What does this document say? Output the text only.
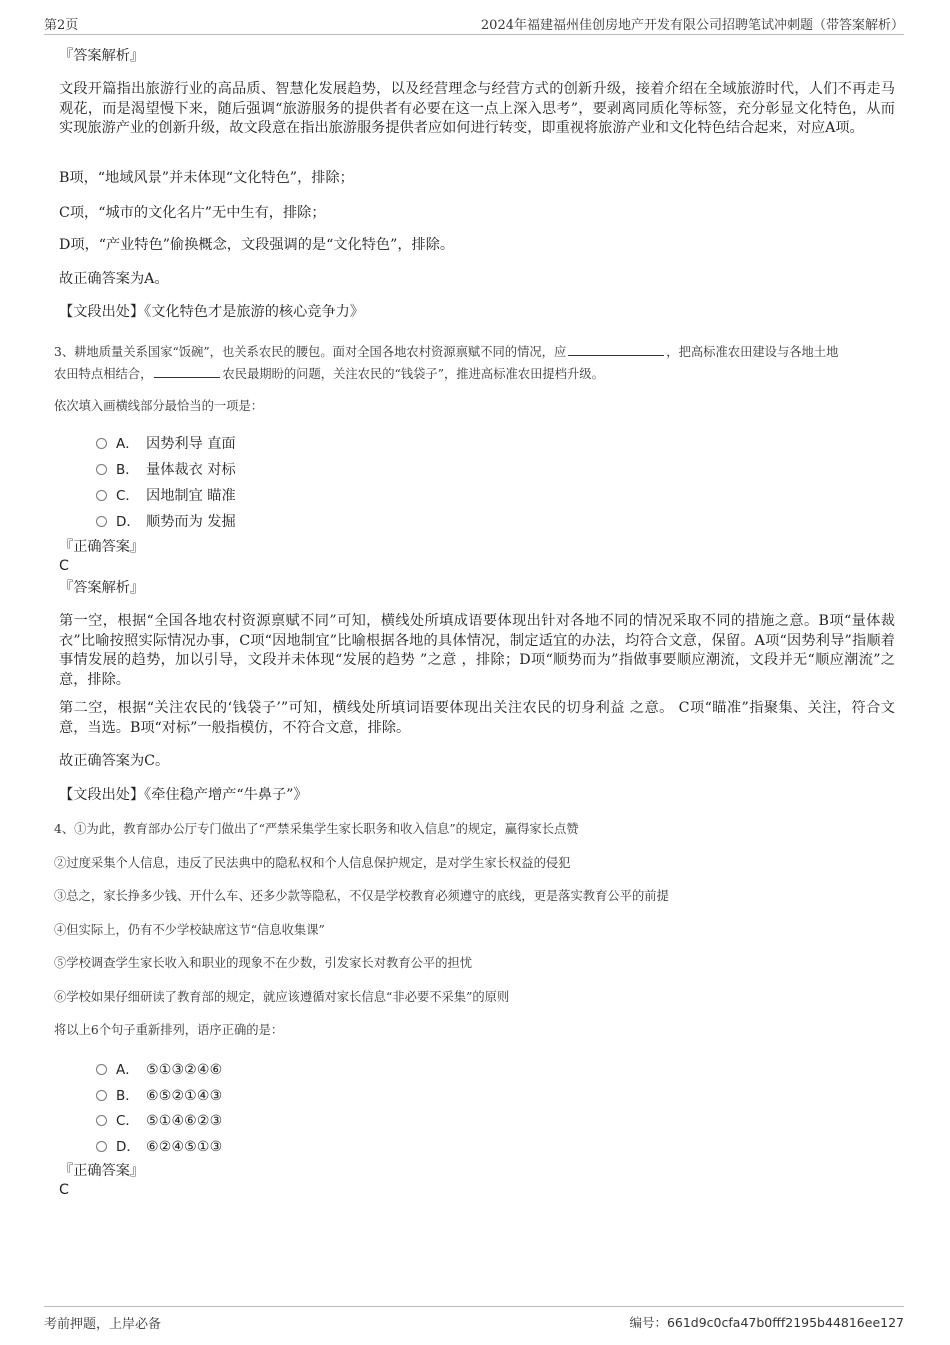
第2页	2024年福建福州佳创房地产开发有限公司招聘笔试冲刺题（带答案解析）
『答案解析』
文段开篇指出旅游行业的高品质、智慧化发展趋势，以及经营理念与经营方式的创新升级，接着介绍在全域旅游时代，人们不再走马观花，而是渴望慢下来，随后强调“旅游服务的提供者有必要在这一点上深入思考”，要剥离同质化等标签，充分彰显文化特色，从而实现旅游产业的创新升级，故文段意在指出旅游服务提供者应如何进行转变，即重视将旅游产业和文化特色结合起来，对应A项。
B项，“地域风景”并未体现“文化特色”，排除；
C项，“城市的文化名片”无中生有，排除；
D项，“产业特色”偷换概念，文段强调的是“文化特色”，排除。
故正确答案为A。
【文段出处】《文化特色才是旅游的核心竞争力》
3、耕地质量关系国家“饭碗”，也关系农民的腰包。面对全国各地农村资源禀赋不同的情况，应	，把高标准农田建设与各地土地
农田特点相结合，	农民最期盼的问题，关注农民的“钱袋子”，推进高标准农田提档升级。
依次填入画横线部分最恰当的一项是：
A． 因势利导 直面
B． 量体裁衣 对标
C． 因地制宜 瞄准
D． 顺势而为 发掘
『正确答案』
C
『答案解析』
第一空，根据“全国各地农村资源禀赋不同”可知，横线处所填成语要体现出针对各地不同的情况采取不同的措施之意。B项“量体裁衣”比喻按照实际情况办事，C项“因地制宜”比喻根据各地的具体情况，制定适宜的办法，均符合文意，保留。A项“因势利导”指顺着事情发展的趋势，加以引导，文段并未体现“发展的趋势 ”之意 ，排除；D项“顺势而为”指做事要顺应潮流，文段并无“顺应潮流”之意，排除。
第二空，根据“关注农民的‘钱袋子’”可知，横线处所填词语要体现出关注农民的切身利益 之意。 C项“瞄准”指聚集、关注，符合文意，当选。B项“对标”一般指模仿，不符合文意，排除。
故正确答案为C。
【文段出处】《牵住稳产增产“牛鼻子”》
4、①为此，教育部办公厅专门做出了“严禁采集学生家长职务和收入信息”的规定，赢得家长点赞
②过度采集个人信息，违反了民法典中的隐私权和个人信息保护规定，是对学生家长权益的侵犯
③总之，家长挣多少钱、开什么车、还多少款等隐私，不仅是学校教育必须遵守的底线，更是落实教育公平的前提
④但实际上，仍有不少学校缺席这节“信息收集课”
⑤学校调查学生家长收入和职业的现象不在少数，引发家长对教育公平的担忧
⑥学校如果仔细研读了教育部的规定，就应该遵循对家长信息“非必要不采集”的原则
将以上6个句子重新排列，语序正确的是：
A． ⑤①③②④⑥
B． ⑥⑤②①④③
C． ⑤①④⑥②③
D． ⑥②④⑤①③
『正确答案』
C
考前押题，上岸必备	编号：661d9c0cfa47b0fff2195b44816ee127
